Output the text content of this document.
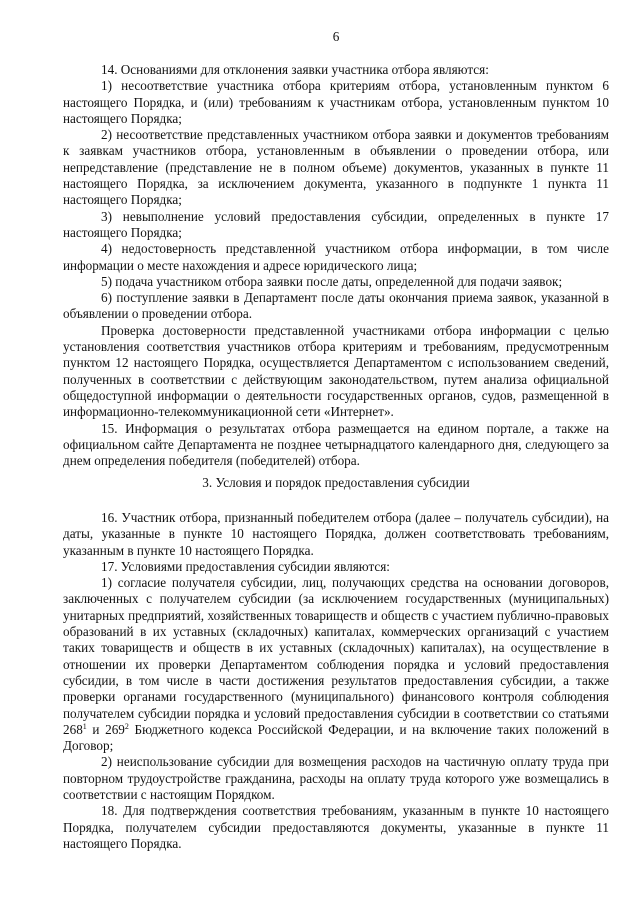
6

14. Основаниями для отклонения заявки участника отбора являются:

1) несоответствие участника отбора критериям отбора, установленным пунктом 6 настоящего Порядка, и (или) требованиям к участникам отбора, установленным пунктом 10 настоящего Порядка;

2) несоответствие представленных участником отбора заявки и документов требованиям к заявкам участников отбора, установленным в объявлении о проведении отбора, или непредставление (представление не в полном объеме) документов, указанных в пункте 11 настоящего Порядка, за исключением документа, указанного в подпункте 1 пункта 11 настоящего Порядка;

3) невыполнение условий предоставления субсидии, определенных в пункте 17 настоящего Порядка;

4) недостоверность представленной участником отбора информации, в том числе информации о месте нахождения и адресе юридического лица;

5) подача участником отбора заявки после даты, определенной для подачи заявок;

6) поступление заявки в Департамент после даты окончания приема заявок, указанной в объявлении о проведении отбора.

Проверка достоверности представленной участниками отбора информации с целью установления соответствия участников отбора критериям и требованиям, предусмотренным пунктом 12 настоящего Порядка, осуществляется Департаментом с использованием сведений, полученных в соответствии с действующим законодательством, путем анализа официальной общедоступной информации о деятельности государственных органов, судов, размещенной в информационно-телекоммуникационной сети «Интернет».

15. Информация о результатах отбора размещается на едином портале, а также на официальном сайте Департамента не позднее четырнадцатого календарного дня, следующего за днем определения победителя (победителей) отбора.

3. Условия и порядок предоставления субсидии

16. Участник отбора, признанный победителем отбора (далее – получатель субсидии), на даты, указанные в пункте 10 настоящего Порядка, должен соответствовать требованиям, указанным в пункте 10 настоящего Порядка.

17. Условиями предоставления субсидии являются:

1) согласие получателя субсидии, лиц, получающих средства на основании договоров, заключенных с получателем субсидии (за исключением государственных (муниципальных) унитарных предприятий, хозяйственных товариществ и обществ с участием публично-правовых образований в их уставных (складочных) капиталах, коммерческих организаций с участием таких товариществ и обществ в их уставных (складочных) капиталах), на осуществление в отношении их проверки Департаментом соблюдения порядка и условий предоставления субсидии, в том числе в части достижения результатов предоставления субсидии, а также проверки органами государственного (муниципального) финансового контроля соблюдения получателем субсидии порядка и условий предоставления субсидии в соответствии со статьями $268^1$ и $269^2$ Бюджетного кодекса Российской Федерации, и на включение таких положений в Договор;

2) неиспользование субсидии для возмещения расходов на частичную оплату труда при повторном трудоустройстве гражданина, расходы на оплату труда которого уже возмещались в соответствии с настоящим Порядком.

18. Для подтверждения соответствия требованиям, указанным в пункте 10 настоящего Порядка, получателем субсидии предоставляются документы, указанные в пункте 11 настоящего Порядка.
